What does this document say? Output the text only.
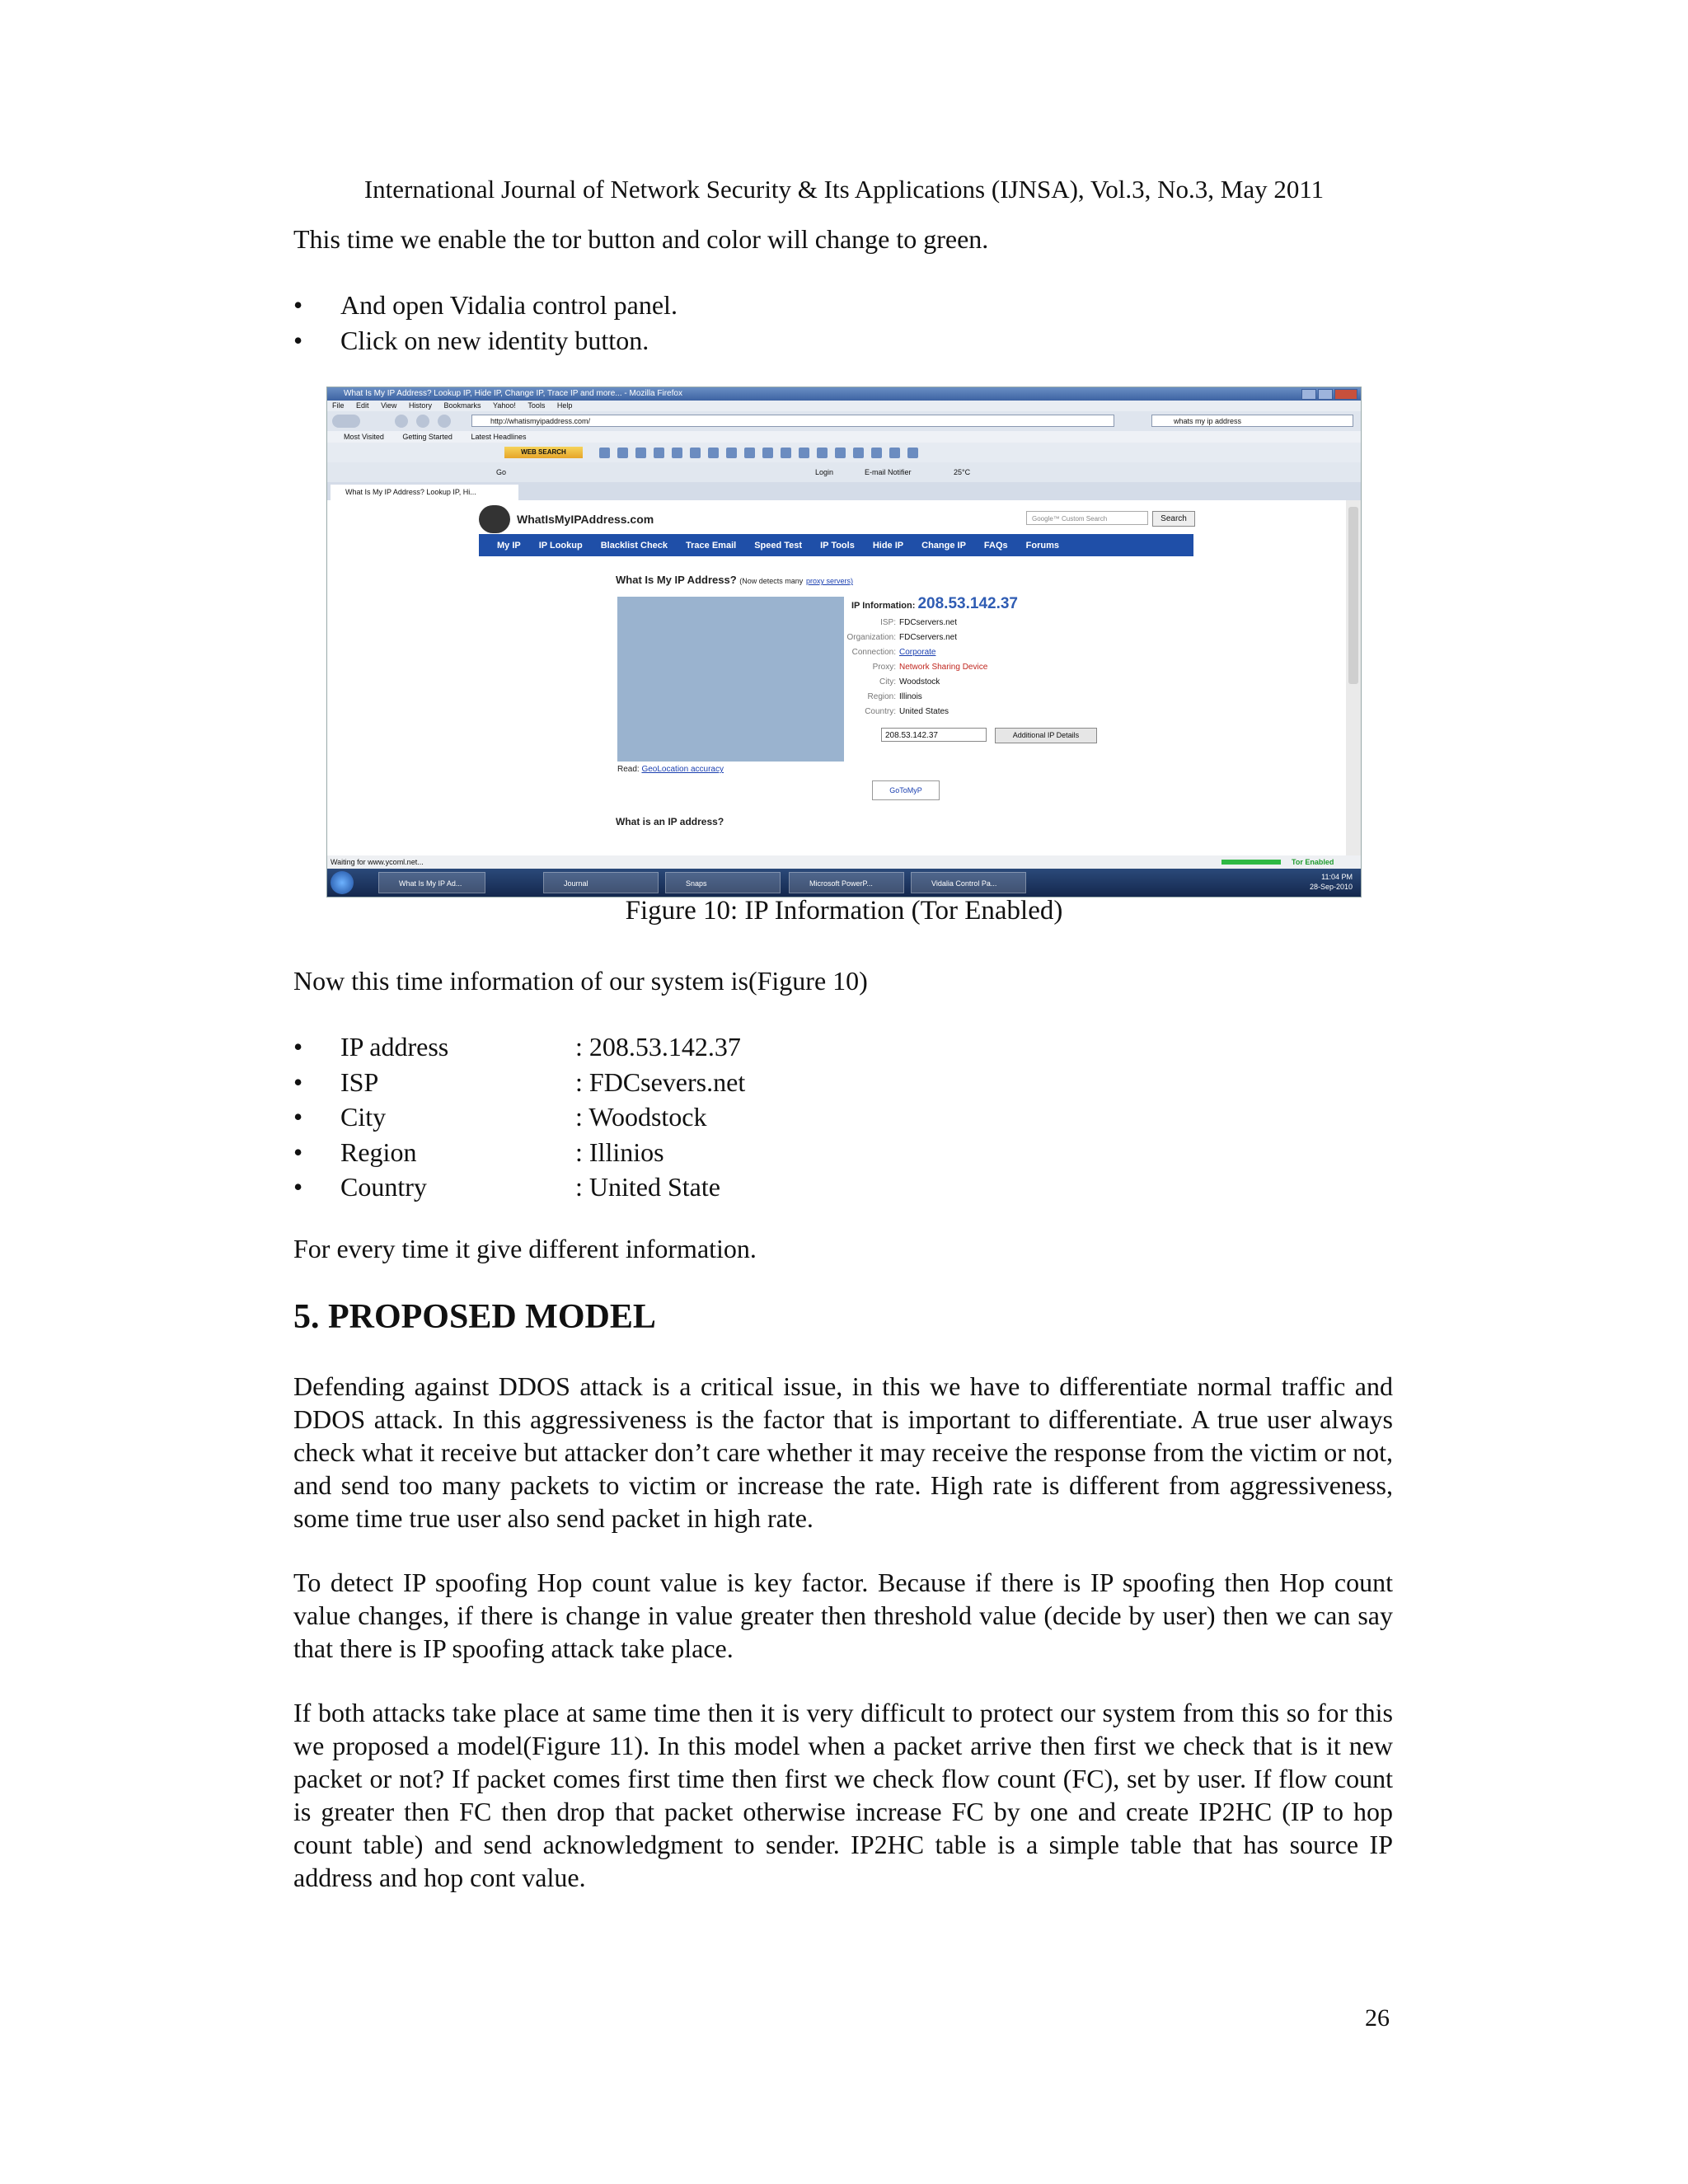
International Journal of Network Security & Its Applications (IJNSA), Vol.3, No.3, May 2011
This time we enable the tor button and color will change to green.
•	And open Vidalia control panel.
•	Click on new identity button.
What Is My IP Address? Lookup IP, Hide IP, Change IP, Trace IP and more... - Mozilla Firefox
File Edit View History Bookmarks Yahoo! Tools Help
http://whatismyipaddress.com/	whats my ip address
Most Visited	Getting Started	Latest Headlines
WEB SEARCH
Go	Login	E-mail Notifier	25°C
What Is My IP Address? Lookup IP, Hi...
WhatIsMyIPAddress.com	Google™ Custom Search	Search
My IP IP Lookup Blacklist Check Trace Email Speed Test IP Tools Hide IP Change IP FAQs Forums
What Is My IP Address? (Now detects many proxy servers)
IP Information: 208.53.142.37
ISP: FDCservers.net
Organization: FDCservers.net
Connection: Corporate
Proxy: Network Sharing Device
City: Woodstock
Region: Illinois
Country: United States
208.53.142.37	Additional IP Details
Read: GeoLocation accuracy
GoToMyP
What is an IP address?
Waiting for www.ycoml.net...	Tor Enabled
What Is My IP Ad...	Journal	Snaps	Microsoft PowerP...	Vidalia Control Pa...
11:04 PM
28-Sep-2010
Figure 10: IP Information (Tor Enabled)
Now this time information of our system is(Figure 10)
•	IP address	: 208.53.142.37
•	ISP	: FDCsevers.net
•	City	: Woodstock
•	Region	: Illinios
•	Country	: United State
For every time it give different information.
5. PROPOSED MODEL
Defending against DDOS attack is a critical issue, in this we have to differentiate normal traffic and DDOS attack. In this aggressiveness is the factor that is important to differentiate. A true user always check what it receive but attacker don’t care whether it may receive the response from the victim or not, and send too many packets to victim or increase the rate. High rate is different from aggressiveness, some time true user also send packet in high rate.
To detect IP spoofing Hop count value is key factor. Because if there is IP spoofing then Hop count value changes, if there is change in value greater then threshold value (decide by user) then we can say that there is IP spoofing attack take place.
If both attacks take place at same time then it is very difficult to protect our system from this so for this we proposed a model(Figure 11). In this model when a packet arrive then first we check that is it new packet or not? If packet comes first time then first we check flow count (FC), set by user. If flow count is greater then FC then drop that packet otherwise increase FC by one and create IP2HC (IP to hop count table) and send acknowledgment to sender. IP2HC table is a simple table that has source IP address and hop cont value.
26
